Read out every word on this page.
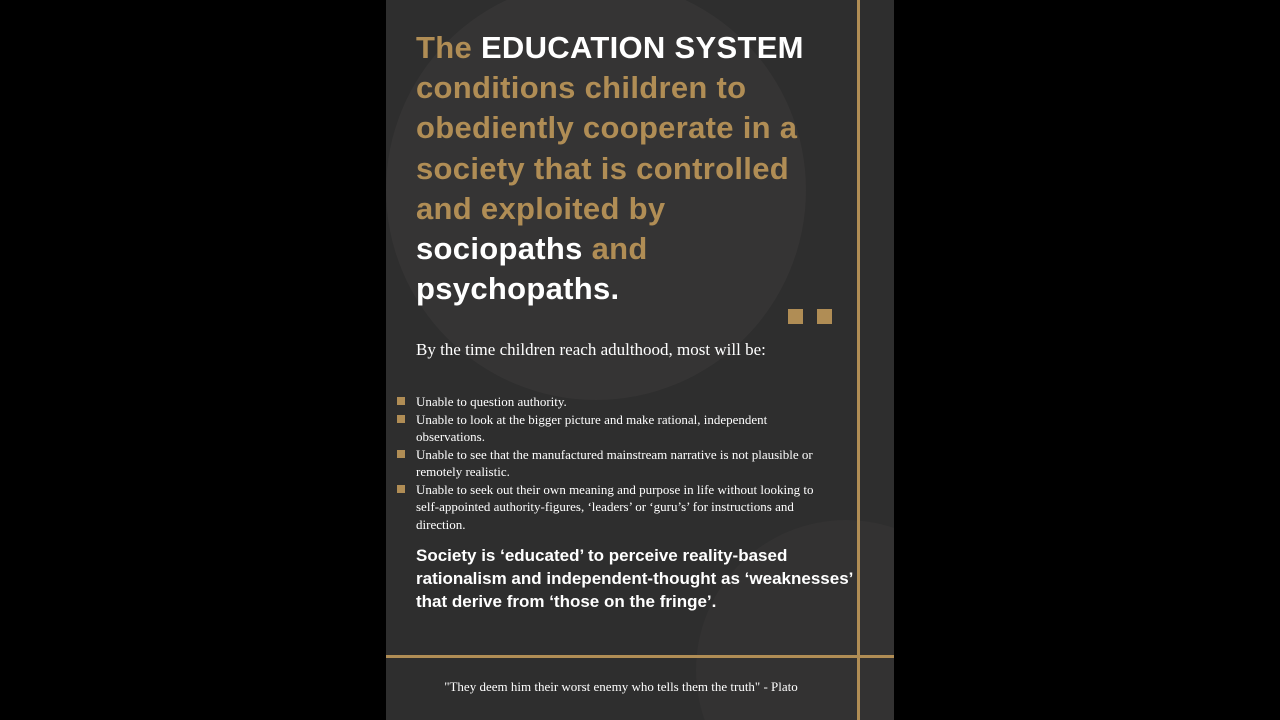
The EDUCATION SYSTEM conditions children to obediently cooperate in a society that is controlled and exploited by sociopaths and psychopaths.
By the time children reach adulthood, most will be:
Unable to question authority.
Unable to look at the bigger picture and make rational, independent observations.
Unable to see that the manufactured mainstream narrative is not plausible or remotely realistic.
Unable to seek out their own meaning and purpose in life without looking to self-appointed authority-figures, ‘leaders’ or ‘guru’s’ for instructions and direction.
Society is ‘educated’ to perceive reality-based rationalism and independent-thought as ‘weaknesses’ that derive from ‘those on the fringe’.
"They deem him their worst enemy who tells them the truth" - Plato
